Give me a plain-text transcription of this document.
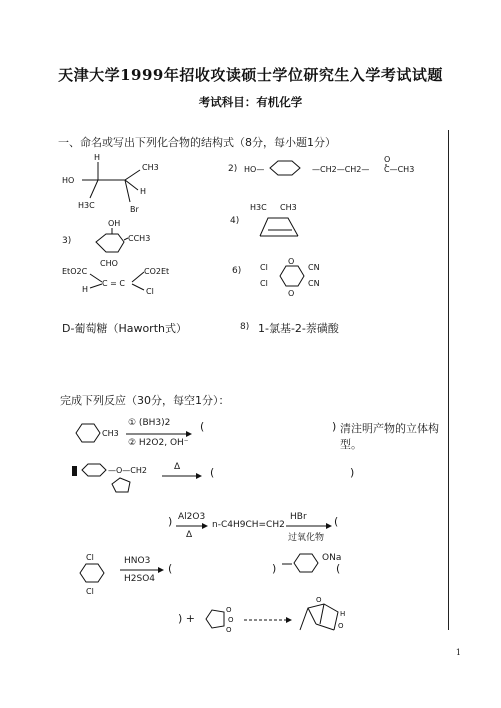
天津大学1999年招收攻读硕士学位研究生入学考试试题
考试科目：有机化学
一、命名或写出下列化合物的结构式（8分，每小题1分）
H
HO
H3C
CH3
H
Br
2) HO—	—CH2—CH2— C—CH3
O
3)
OH
CCH3
CHO
4)
H3C CH3
EtO2C
H
C = C
CO2Et
Cl
6) Cl
Cl
CN
CN
O
O
D-葡萄糖（Haworth式）	8) 1-氯基-2-萘磺酸
完成下列反应（30分，每空1分）：
CH3
① (BH3)2
② H2O2, OH⁻
(	) 清注明产物的立体构型。
—O—CH2	Δ → (	)
) Al2O3
Δ
n-C4H9CH=CH2
HBr
过氧化物
(
Cl
Cl
HNO3
H2SO4
(	)
ONa
(
) +
O
O
O
O
H
O
1
